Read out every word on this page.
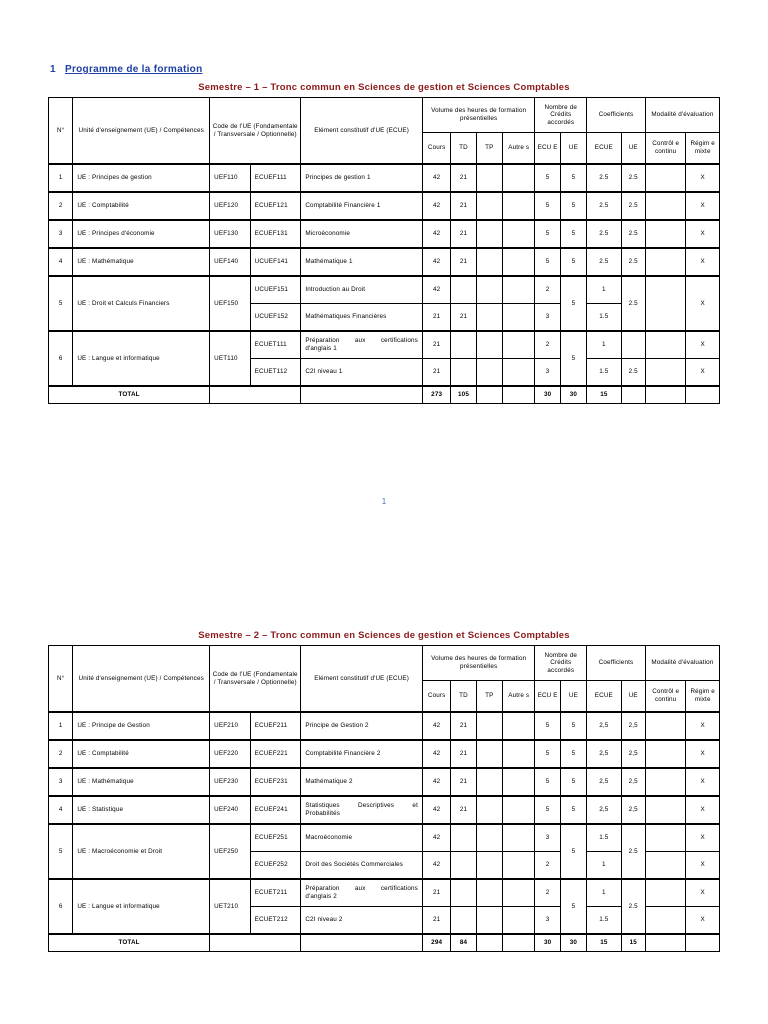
1 Programme de la formation
Semestre – 1 – Tronc commun en Sciences de gestion et Sciences Comptables
N°	Unité d'enseignement (UE) / Compétences	Code de l'UE (Fondamentale / Transversale / Optionnelle)		Elément constitutif d'UE (ECUE)	Volume des heures de formation présentielles				Nombre de Crédits accordés		Coefficients		Modalité d'évaluation	
					Cours	TD	TP	Autre s	ECU E	UE	ECUE	UE	Contrôl e continu	Régim e mixte
1	UE : Principes de gestion	UEF110	ECUEF111	Principes de gestion 1	42	21			5	5	2.5	2.5		X
2	UE : Comptabilité	UEF120	ECUEF121	Comptabilité Financière 1	42	21			5	5	2.5	2.5		X
3	UE : Principes d'économie	UEF130	ECUEF131	Microéconomie	42	21			5	5	2.5	2.5		X
4	UE : Mathématique	UEF140	UCUEF141	Mathématique 1	42	21			5	5	2.5	2.5		X
5	UE : Droit et Calculs Financiers	UEF150	UCUEF151	Introduction au Droit	42				2	5	1	2.5		X
			UCUEF152	Mathématiques Financières	21	21			3		1.5			
6	UE : Langue et informatique	UET110	ECUET111	Préparation aux certifications d'anglais 1	21				2	5	1			X
			ECUET112	C2I niveau 1	21				3		1.5	2.5		X
TOTAL					273	105			30	30	15			
1
Semestre – 2 – Tronc commun en Sciences de gestion et Sciences Comptables
N°	Unité d'enseignement (UE) / Compétences	Code de l'UE (Fondamentale / Transversale / Optionnelle)		Elément constitutif d'UE (ECUE)	Volume des heures de formation présentielles				Nombre de Crédits accordés		Coefficients		Modalité d'évaluation	
					Cours	TD	TP	Autre s	ECU E	UE	ECUE	UE	Contrôl e continu	Régim e mixte
1	UE : Principe de Gestion	UEF210	ECUEF211	Principe de Gestion 2	42	21			5	5	2,5	2,5		X
2	UE : Comptabilité	UEF220	ECUEF221	Comptabilité Financière 2	42	21			5	5	2,5	2,5		X
3	UE : Mathématique	UEF230	ECUEF231	Mathématique 2	42	21			5	5	2,5	2,5		X
4	UE : Statistique	UEF240	ECUEF241	Statistiques Descriptives et Probabilités	42	21			5	5	2,5	2,5		X
5	UE : Macroéconomie et Droit	UEF250	ECUEF251	Macroéconomie	42				3	5	1.5	2.5		X
			ECUEF252	Droit des Sociétés Commerciales	42				2		1			X
6	UE : Langue et informatique	UET210	ECUET211	Préparation aux certifications d'anglais 2	21				2	5	1	2.5		X
			ECUET212	C2I niveau 2	21				3		1.5			X
TOTAL					294	84			30	30	15	15		
